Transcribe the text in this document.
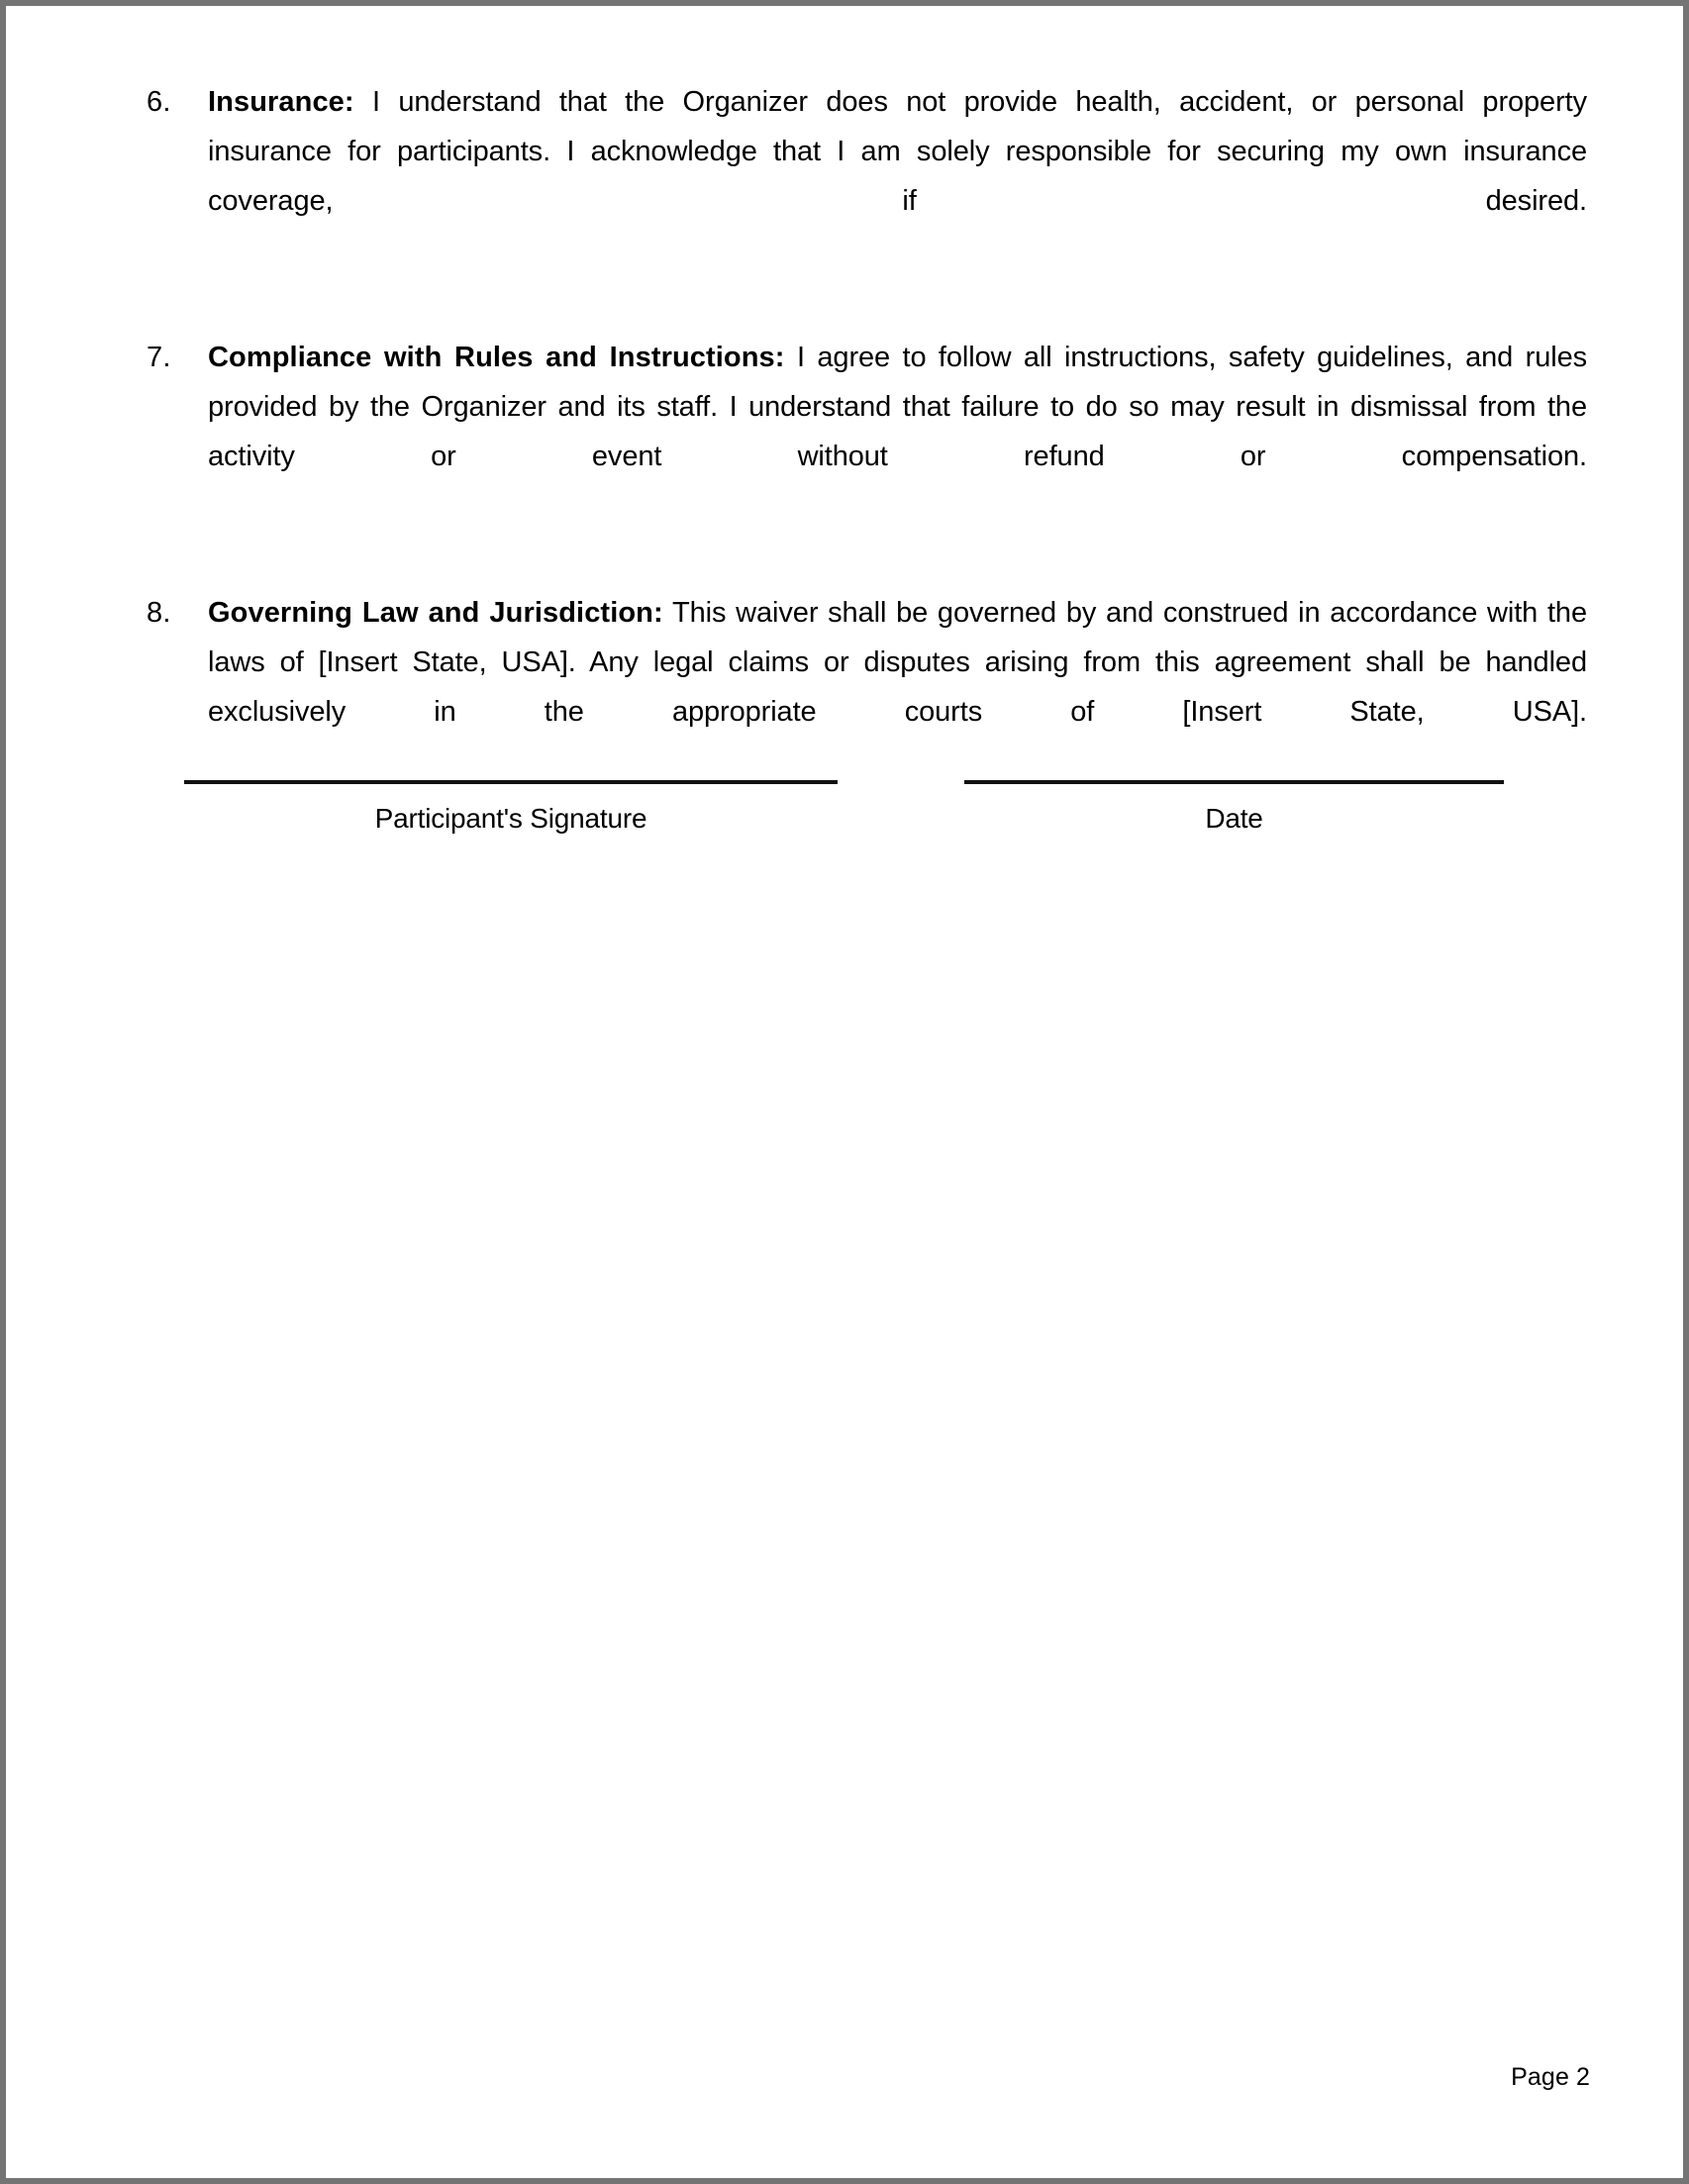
6.	Insurance: I understand that the Organizer does not provide health, accident, or personal property insurance for participants. I acknowledge that I am solely responsible for securing my own insurance coverage, if desired.
7.	Compliance with Rules and Instructions: I agree to follow all instructions, safety guidelines, and rules provided by the Organizer and its staff. I understand that failure to do so may result in dismissal from the activity or event without refund or compensation.
8.	Governing Law and Jurisdiction: This waiver shall be governed by and construed in accordance with the laws of [Insert State, USA]. Any legal claims or disputes arising from this agreement shall be handled exclusively in the appropriate courts of [Insert State, USA].
Participant's Signature	Date
Page 2
